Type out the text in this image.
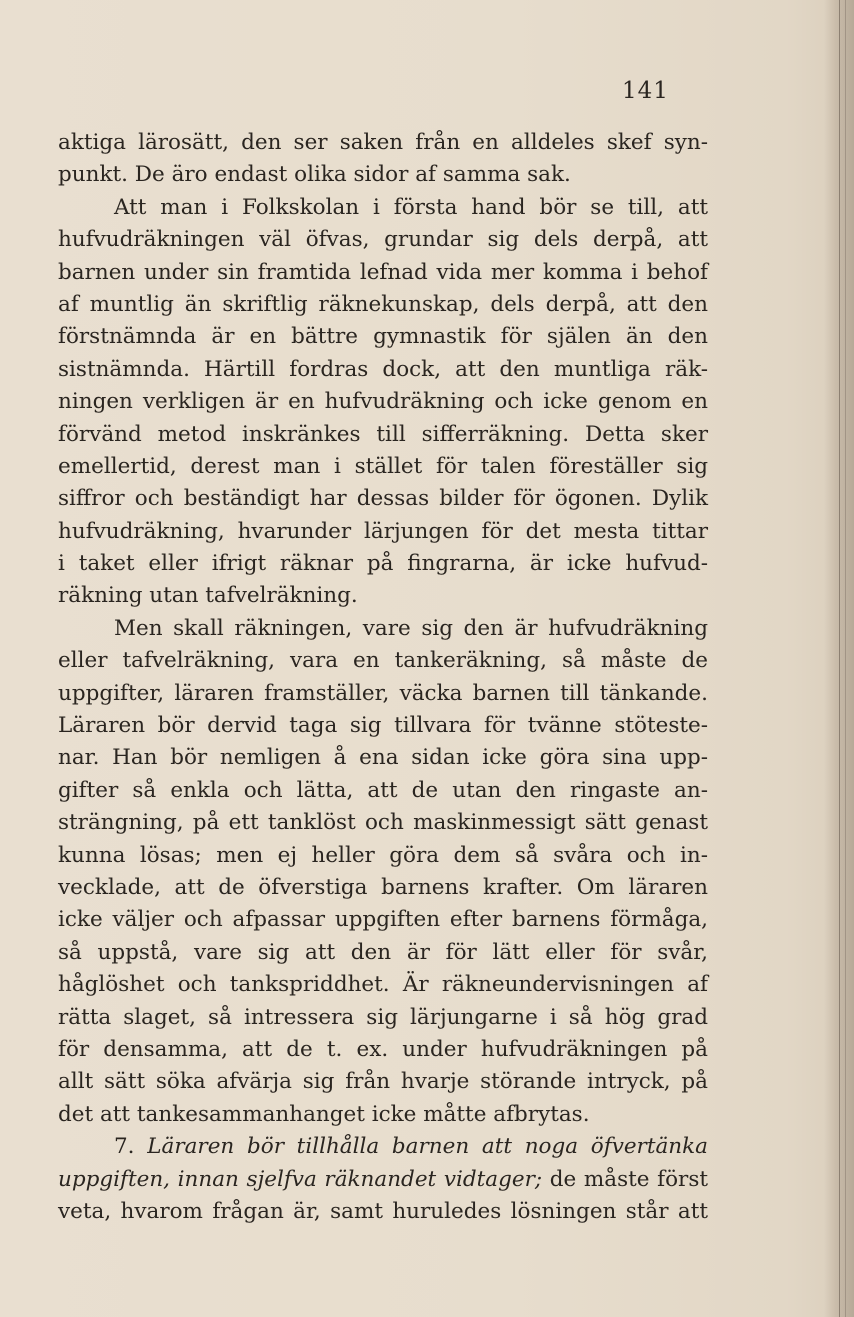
141
aktiga lärosätt, den ser saken från en alldeles skef syn-
punkt. De äro endast olika sidor af samma sak.
Att man i Folkskolan i första hand bör se till, att
hufvudräkningen väl öfvas, grundar sig dels derpå, att
barnen under sin framtida lefnad vida mer komma i behof
af muntlig än skriftlig räknekunskap, dels derpå, att den
förstnämnda är en bättre gymnastik för själen än den
sistnämnda. Härtill fordras dock, att den muntliga räk-
ningen verkligen är en hufvudräkning och icke genom en
förvänd metod inskränkes till sifferräkning. Detta sker
emellertid, derest man i stället för talen föreställer sig
siffror och beständigt har dessas bilder för ögonen. Dylik
hufvudräkning, hvarunder lärjungen för det mesta tittar
i taket eller ifrigt räknar på fingrarna, är icke hufvud-
räkning utan tafvelräkning.
Men skall räkningen, vare sig den är hufvudräkning
eller tafvelräkning, vara en tankeräkning, så måste de
uppgifter, läraren framställer, väcka barnen till tänkande.
Läraren bör dervid taga sig tillvara för tvänne stöteste-
nar. Han bör nemligen å ena sidan icke göra sina upp-
gifter så enkla och lätta, att de utan den ringaste an-
strängning, på ett tanklöst och maskinmessigt sätt genast
kunna lösas; men ej heller göra dem så svåra och in-
vecklade, att de öfverstiga barnens krafter. Om läraren
icke väljer och afpassar uppgiften efter barnens förmåga,
så uppstå, vare sig att den är för lätt eller för svår,
håglöshet och tankspriddhet. Är räkneundervisningen af
rätta slaget, så intressera sig lärjungarne i så hög grad
för densamma, att de t. ex. under hufvudräkningen på
allt sätt söka afvärja sig från hvarje störande intryck, på
det att tankesammanhanget icke måtte afbrytas.
7. Läraren bör tillhålla barnen att noga öfvertänka
uppgiften, innan sjelfva räknandet vidtager; de måste först
veta, hvarom frågan är, samt huruledes lösningen står att
